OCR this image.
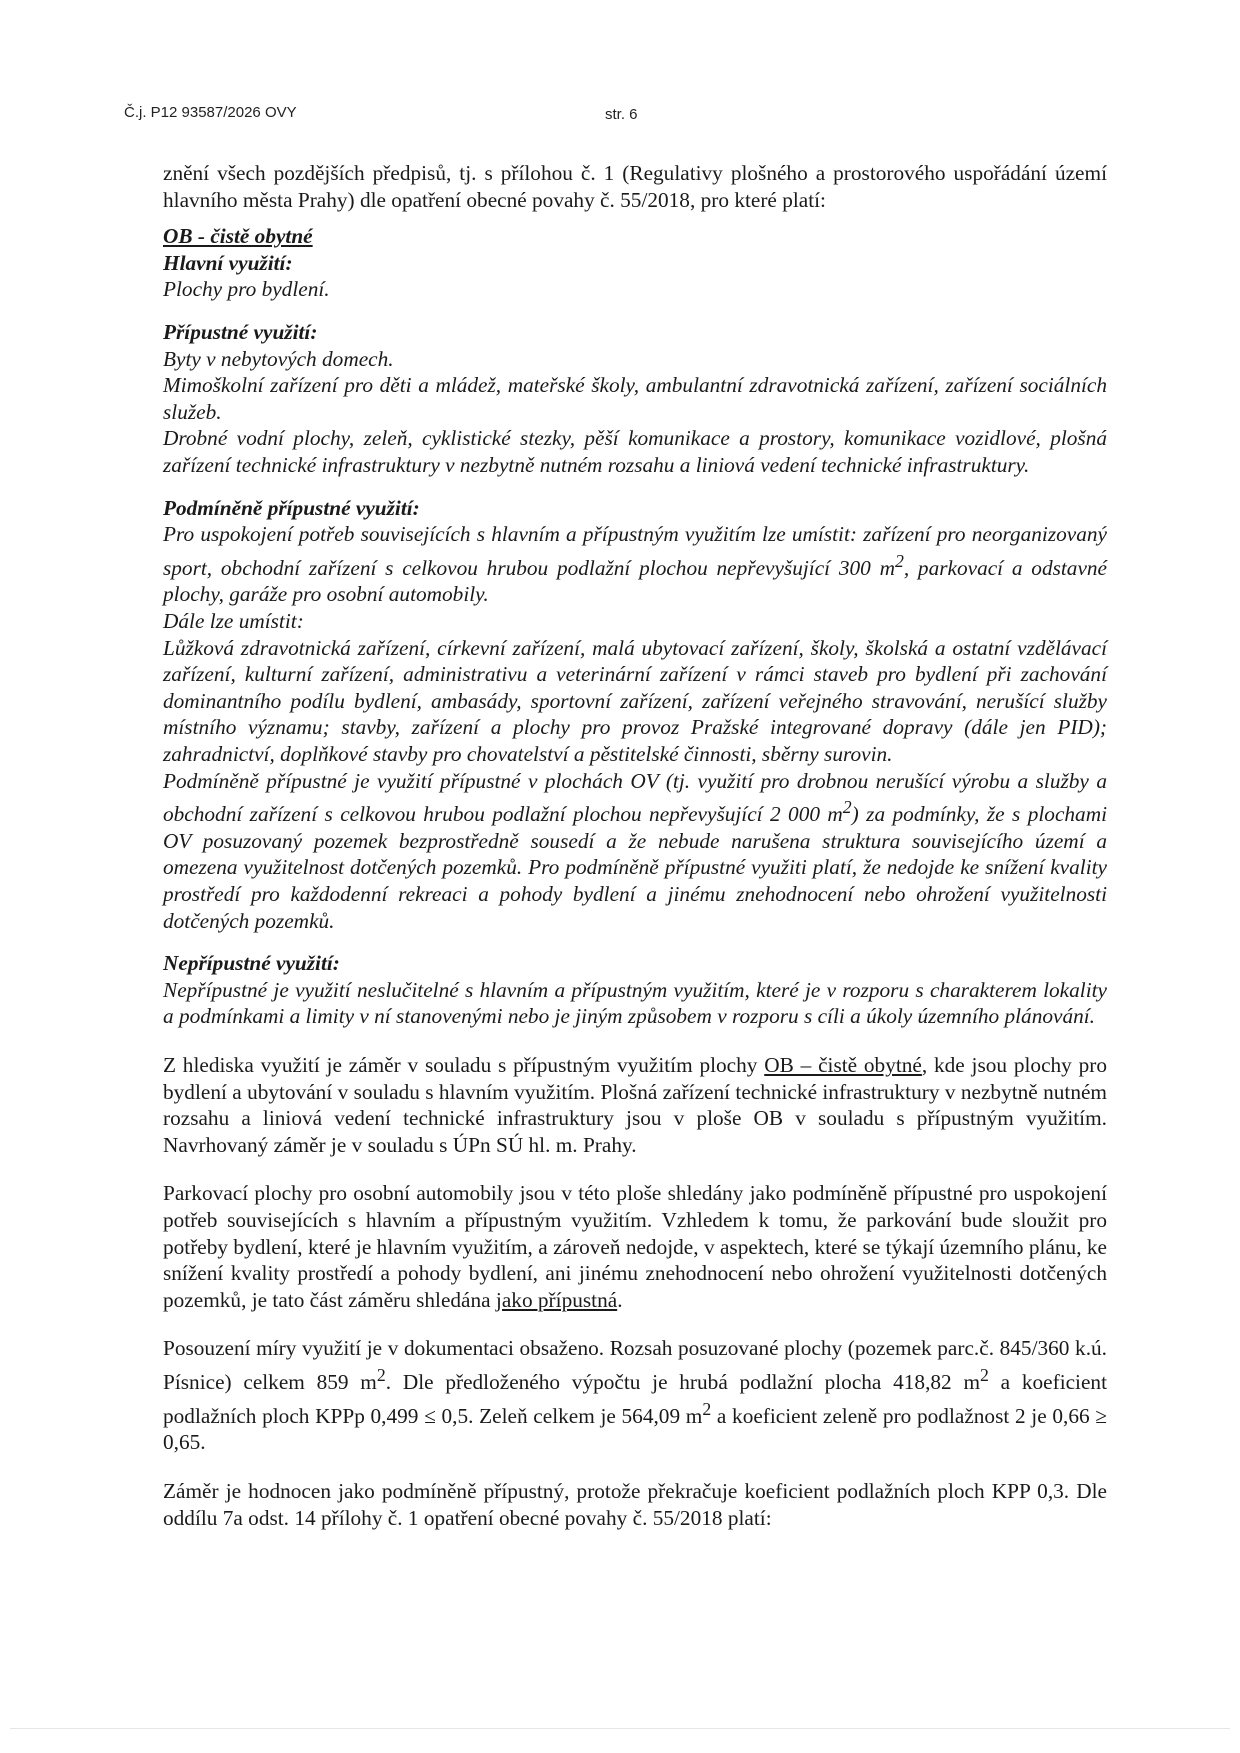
Č.j. P12 93587/2026 OVY	str. 6

znění všech pozdějších předpisů, tj. s přílohou č. 1 (Regulativy plošného a prostorového uspořádání území hlavního města Prahy) dle opatření obecné povahy č. 55/2018, pro které platí:

OB - čistě obytné

Hlavní využití:

Plochy pro bydlení.

Přípustné využití:

Byty v nebytových domech.

Mimoškolní zařízení pro děti a mládež, mateřské školy, ambulantní zdravotnická zařízení, zařízení sociálních služeb.

Drobné vodní plochy, zeleň, cyklistické stezky, pěší komunikace a prostory, komunikace vozidlové, plošná zařízení technické infrastruktury v nezbytně nutném rozsahu a liniová vedení technické infrastruktury.

Podmíněně přípustné využití:

Pro uspokojení potřeb souvisejících s hlavním a přípustným využitím lze umístit: zařízení pro neorganizovaný sport, obchodní zařízení s celkovou hrubou podlažní plochou nepřevyšující 300 $m^2$, parkovací a odstavné plochy, garáže pro osobní automobily.

Dále lze umístit:

Lůžková zdravotnická zařízení, církevní zařízení, malá ubytovací zařízení, školy, školská a ostatní vzdělávací zařízení, kulturní zařízení, administrativu a veterinární zařízení v rámci staveb pro bydlení při zachování dominantního podílu bydlení, ambasády, sportovní zařízení, zařízení veřejného stravování, nerušící služby místního významu; stavby, zařízení a plochy pro provoz Pražské integrované dopravy (dále jen PID); zahradnictví, doplňkové stavby pro chovatelství a pěstitelské činnosti, sběrny surovin.

Podmíněně přípustné je využití přípustné v plochách OV (tj. využití pro drobnou nerušící výrobu a služby a obchodní zařízení s celkovou hrubou podlažní plochou nepřevyšující 2 000 $m^2$) za podmínky, že s plochami OV posuzovaný pozemek bezprostředně sousedí a že nebude narušena struktura souvisejícího území a omezena využitelnost dotčených pozemků. Pro podmíněně přípustné využiti platí, že nedojde ke snížení kvality prostředí pro každodenní rekreaci a pohody bydlení a jinému znehodnocení nebo ohrožení využitelnosti dotčených pozemků.

Nepřípustné využití:

Nepřípustné je využití neslučitelné s hlavním a přípustným využitím, které je v rozporu s charakterem lokality a podmínkami a limity v ní stanovenými nebo je jiným způsobem v rozporu s cíli a úkoly územního plánování.

Z hlediska využití je záměr v souladu s přípustným využitím plochy OB – čistě obytné, kde jsou plochy pro bydlení a ubytování v souladu s hlavním využitím. Plošná zařízení technické infrastruktury v nezbytně nutném rozsahu a liniová vedení technické infrastruktury jsou v ploše OB v souladu s přípustným využitím. Navrhovaný záměr je v souladu s ÚPn SÚ hl. m. Prahy.

Parkovací plochy pro osobní automobily jsou v této ploše shledány jako podmíněně přípustné pro uspokojení potřeb souvisejících s hlavním a přípustným využitím. Vzhledem k tomu, že parkování bude sloužit pro potřeby bydlení, které je hlavním využitím, a zároveň nedojde, v aspektech, které se týkají územního plánu, ke snížení kvality prostředí a pohody bydlení, ani jinému znehodnocení nebo ohrožení využitelnosti dotčených pozemků, je tato část záměru shledána jako přípustná.

Posouzení míry využití je v dokumentaci obsaženo. Rozsah posuzované plochy (pozemek parc.č. 845/360 k.ú. Písnice) celkem 859 $m^2$. Dle předloženého výpočtu je hrubá podlažní plocha 418,82 $m^2$ a koeficient podlažních ploch KPPp 0,499 ≤ 0,5. Zeleň celkem je 564,09 $m^2$ a koeficient zeleně pro podlažnost 2 je 0,66 ≥ 0,65.

Záměr je hodnocen jako podmíněně přípustný, protože překračuje koeficient podlažních ploch KPP 0,3. Dle oddílu 7a odst. 14 přílohy č. 1 opatření obecné povahy č. 55/2018 platí:
